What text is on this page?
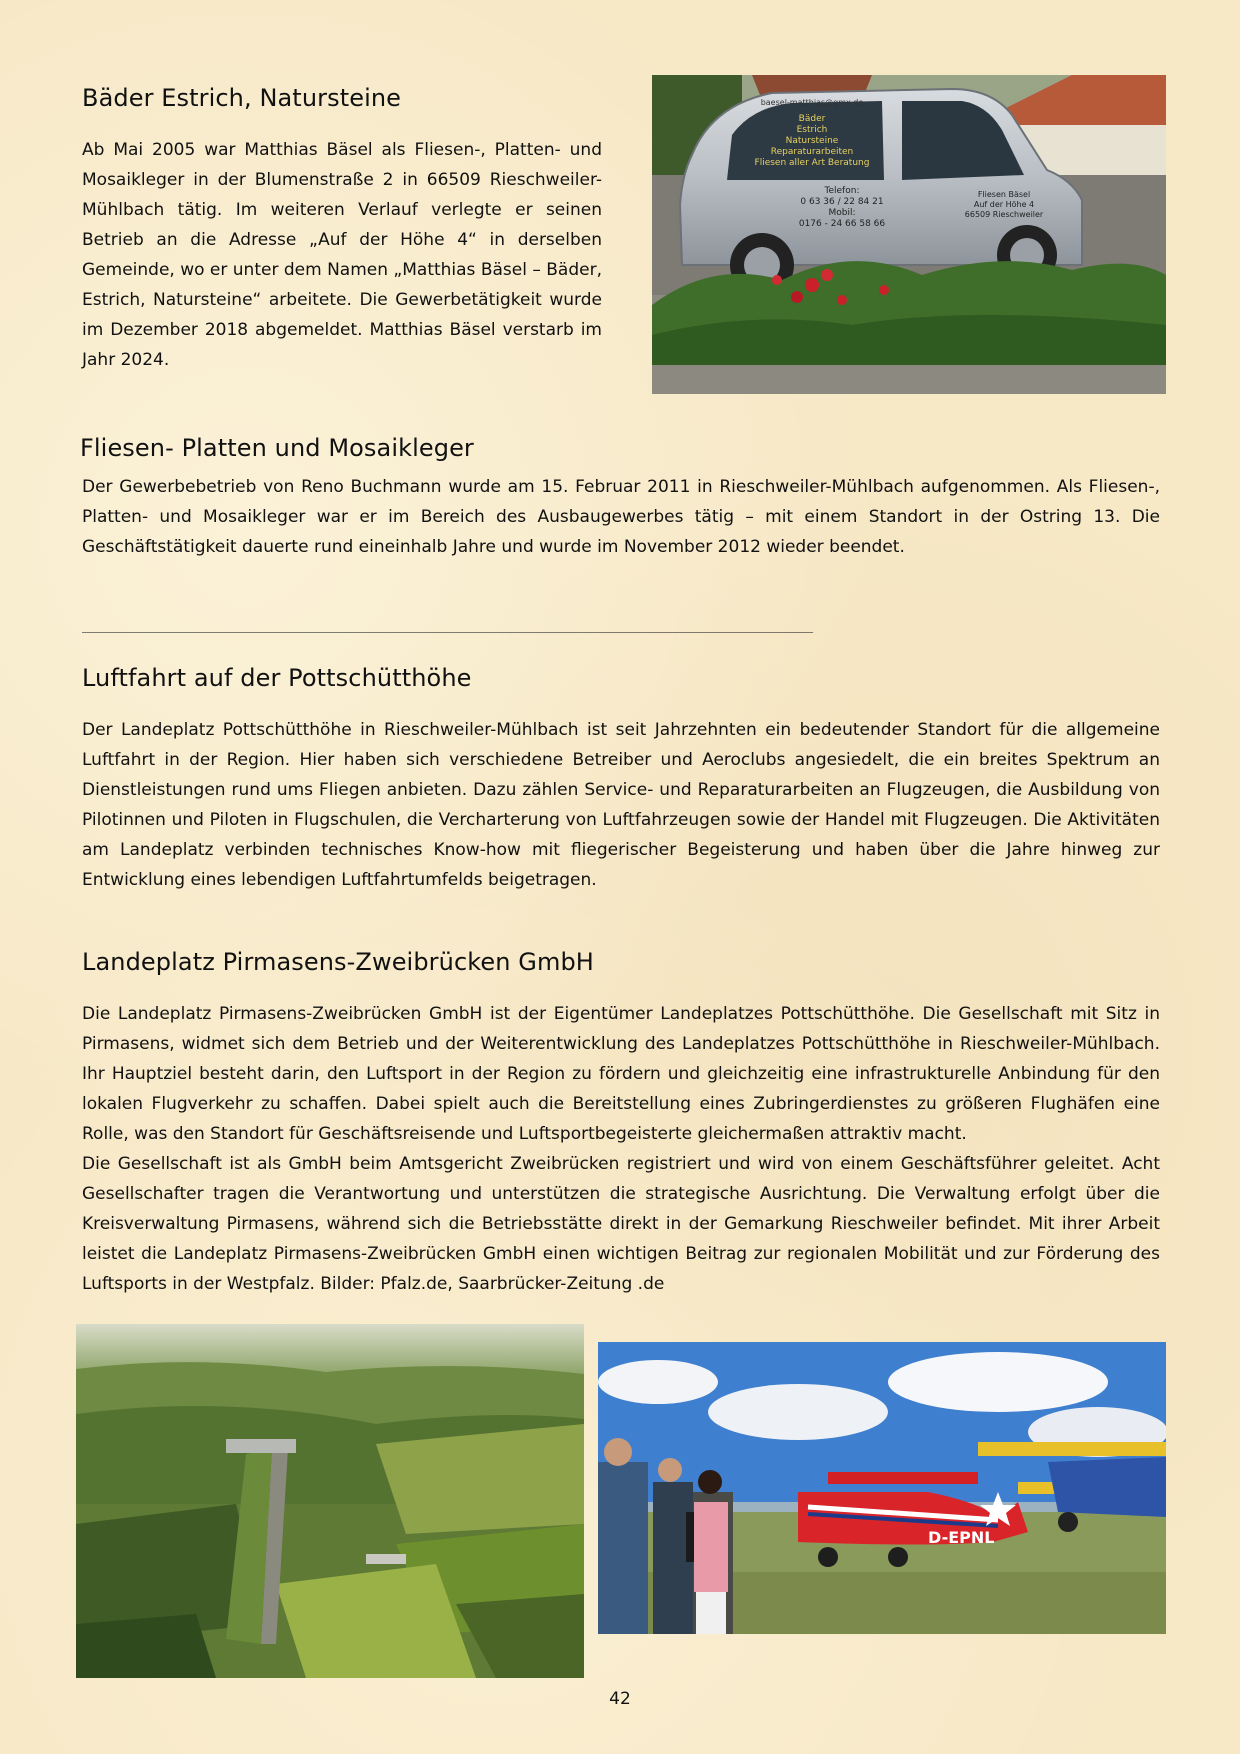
Bäder Estrich, Natursteine

Ab Mai 2005 war Matthias Bäsel als Fliesen-, Platten- und Mosaikleger in der Blumenstraße 2 in 66509 Rieschweiler-Mühlbach tätig. Im weiteren Verlauf verlegte er seinen Betrieb an die Adresse „Auf der Höhe 4“ in derselben Gemeinde, wo er unter dem Namen „Matthias Bäsel – Bäder, Estrich, Natursteine“ arbeitete. Die Gewerbetätigkeit wurde im Dezember 2018 abgemeldet. Matthias Bäsel verstarb im Jahr 2024.

baesel-matthias@gmx.de
Bäder
Estrich
Natursteine
Reparaturarbeiten
Fliesen aller Art Beratung
Telefon:
0 63 36 / 22 84 21
Mobil:
0176 - 24 66 58 66
Fliesen Bäsel
Auf der Höhe 4
66509 Rieschweiler
Fliesen- Platten und Mosaikleger

Der Gewerbebetrieb von Reno Buchmann wurde am 15. Februar 2011 in Rieschweiler-Mühlbach aufgenommen. Als Fliesen-, Platten- und Mosaikleger war er im Bereich des Ausbaugewerbes tätig – mit einem Standort in der Ostring 13. Die Geschäftstätigkeit dauerte rund eineinhalb Jahre und wurde im November 2012 wieder beendet.

________________________________________________________________________________
Luftfahrt auf der Pottschütthöhe

Der Landeplatz Pottschütthöhe in Rieschweiler-Mühlbach ist seit Jahrzehnten ein bedeutender Standort für die allgemeine Luftfahrt in der Region. Hier haben sich verschiedene Betreiber und Aeroclubs angesiedelt, die ein breites Spektrum an Dienstleistungen rund ums Fliegen anbieten. Dazu zählen Service- und Reparaturarbeiten an Flugzeugen, die Ausbildung von Pilotinnen und Piloten in Flugschulen, die Vercharterung von Luftfahrzeugen sowie der Handel mit Flugzeugen. Die Aktivitäten am Landeplatz verbinden technisches Know-how mit fliegerischer Begeisterung und haben über die Jahre hinweg zur Entwicklung eines lebendigen Luftfahrtumfelds beigetragen.

Landeplatz Pirmasens-Zweibrücken GmbH

Die Landeplatz Pirmasens-Zweibrücken GmbH ist der Eigentümer Landeplatzes Pottschütthöhe. Die Gesellschaft mit Sitz in Pirmasens, widmet sich dem Betrieb und der Weiterentwicklung des Landeplatzes Pottschütthöhe in Rieschweiler-Mühlbach. Ihr Hauptziel besteht darin, den Luftsport in der Region zu fördern und gleichzeitig eine infrastrukturelle Anbindung für den lokalen Flugverkehr zu schaffen. Dabei spielt auch die Bereitstellung eines Zubringerdienstes zu größeren Flughäfen eine Rolle, was den Standort für Geschäftsreisende und Luftsportbegeisterte gleichermaßen attraktiv macht.

Die Gesellschaft ist als GmbH beim Amtsgericht Zweibrücken registriert und wird von einem Geschäftsführer geleitet. Acht Gesellschafter tragen die Verantwortung und unterstützen die strategische Ausrichtung. Die Verwaltung erfolgt über die Kreisverwaltung Pirmasens, während sich die Betriebsstätte direkt in der Gemarkung Rieschweiler befindet. Mit ihrer Arbeit leistet die Landeplatz Pirmasens-Zweibrücken GmbH einen wichtigen Beitrag zur regionalen Mobilität und zur Förderung des Luftsports in der Westpfalz. Bilder: Pfalz.de, Saarbrücker-Zeitung .de

D-EPNL
42
